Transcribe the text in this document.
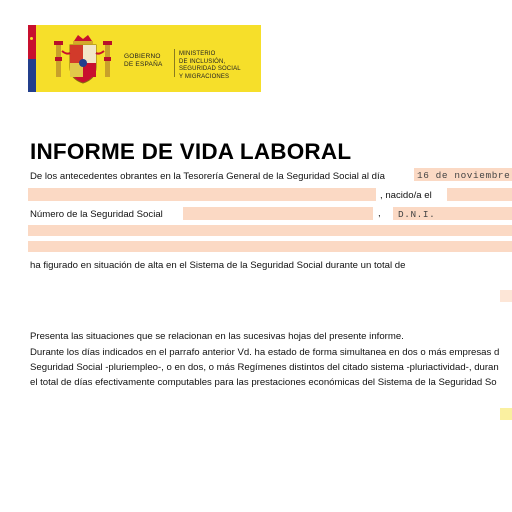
GOBIERNO
DE ESPAÑA
MINISTERIO
DE INCLUSIÓN, SEGURIDAD SOCIAL
Y MIGRACIONES
INFORME DE VIDA LABORAL
De los antecedentes obrantes en la Tesorería General de la Seguridad Social al día	16 de noviembre
, nacido/a el
Número de la Seguridad Social	, D.N.I.
ha figurado en situación de alta en el Sistema de la Seguridad Social durante un total de
Presenta las situaciones que se relacionan en las sucesivas hojas del presente informe.
Durante los días indicados en el parrafo anterior Vd. ha estado de forma simultanea en dos o más empresas d
Seguridad Social -pluriempleo-, o en dos, o más Regímenes distintos del citado sistema -pluriactividad-, duran
el total de días efectivamente computables para las prestaciones económicas del Sistema de la Seguridad So
